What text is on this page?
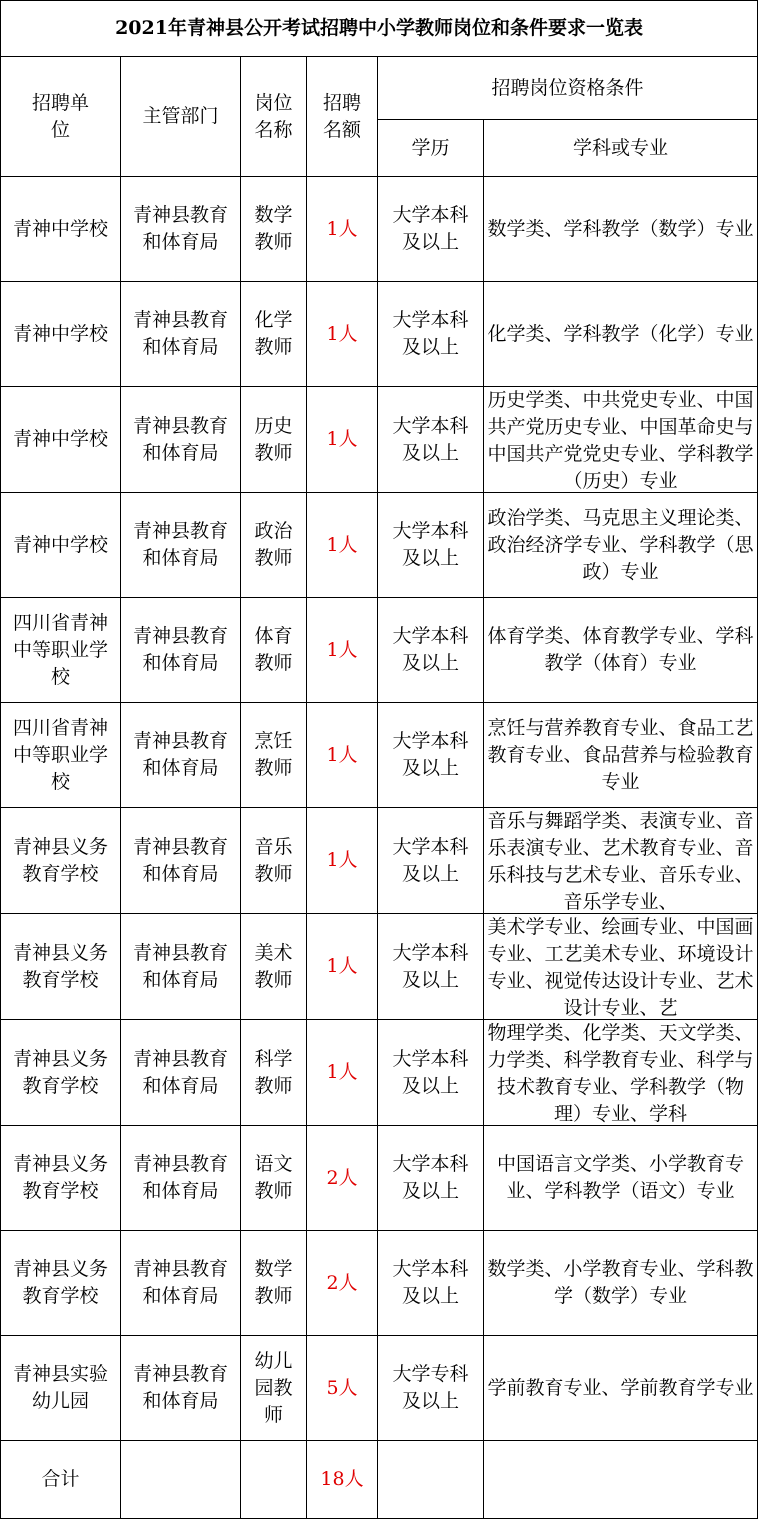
2021年青神县公开考试招聘中小学教师岗位和条件要求一览表					
招聘单位	主管部门	岗位名称	招聘名额	招聘岗位资格条件	
				学历	学科或专业
青神中学校	青神县教育和体育局	数学教师	1人	大学本科及以上	数学类、学科教学（数学）专业

青神中学校	青神县教育和体育局	化学教师	1人	大学本科及以上	化学类、学科教学（化学）专业

青神中学校	青神县教育和体育局	历史教师	1人	大学本科及以上	历史学类、中共党史专业、中国共产党历史专业、中国革命史与中国共产党党史专业、学科教学（历史）专业

青神中学校	青神县教育和体育局	政治教师	1人	大学本科及以上	政治学类、马克思主义理论类、政治经济学专业、学科教学（思政）专业

四川省青神中等职业学校	青神县教育和体育局	体育教师	1人	大学本科及以上	体育学类、体育教学专业、学科教学（体育）专业

四川省青神中等职业学校	青神县教育和体育局	烹饪教师	1人	大学本科及以上	烹饪与营养教育专业、食品工艺教育专业、食品营养与检验教育专业

青神县义务教育学校	青神县教育和体育局	音乐教师	1人	大学本科及以上	音乐与舞蹈学类、表演专业、音乐表演专业、艺术教育专业、音乐科技与艺术专业、音乐专业、音乐学专业、

青神县义务教育学校	青神县教育和体育局	美术教师	1人	大学本科及以上	美术学专业、绘画专业、中国画专业、工艺美术专业、环境设计专业、视觉传达设计专业、艺术设计专业、艺

青神县义务教育学校	青神县教育和体育局	科学教师	1人	大学本科及以上	物理学类、化学类、天文学类、力学类、科学教育专业、科学与技术教育专业、学科教学（物理）专业、学科

青神县义务教育学校	青神县教育和体育局	语文教师	2人	大学本科及以上	中国语言文学类、小学教育专业、学科教学（语文）专业

青神县义务教育学校	青神县教育和体育局	数学教师	2人	大学本科及以上	数学类、小学教育专业、学科教学（数学）专业

青神县实验幼儿园	青神县教育和体育局	幼儿园教师	5人	大学专科及以上	学前教育专业、学前教育学专业

合计			18人		
